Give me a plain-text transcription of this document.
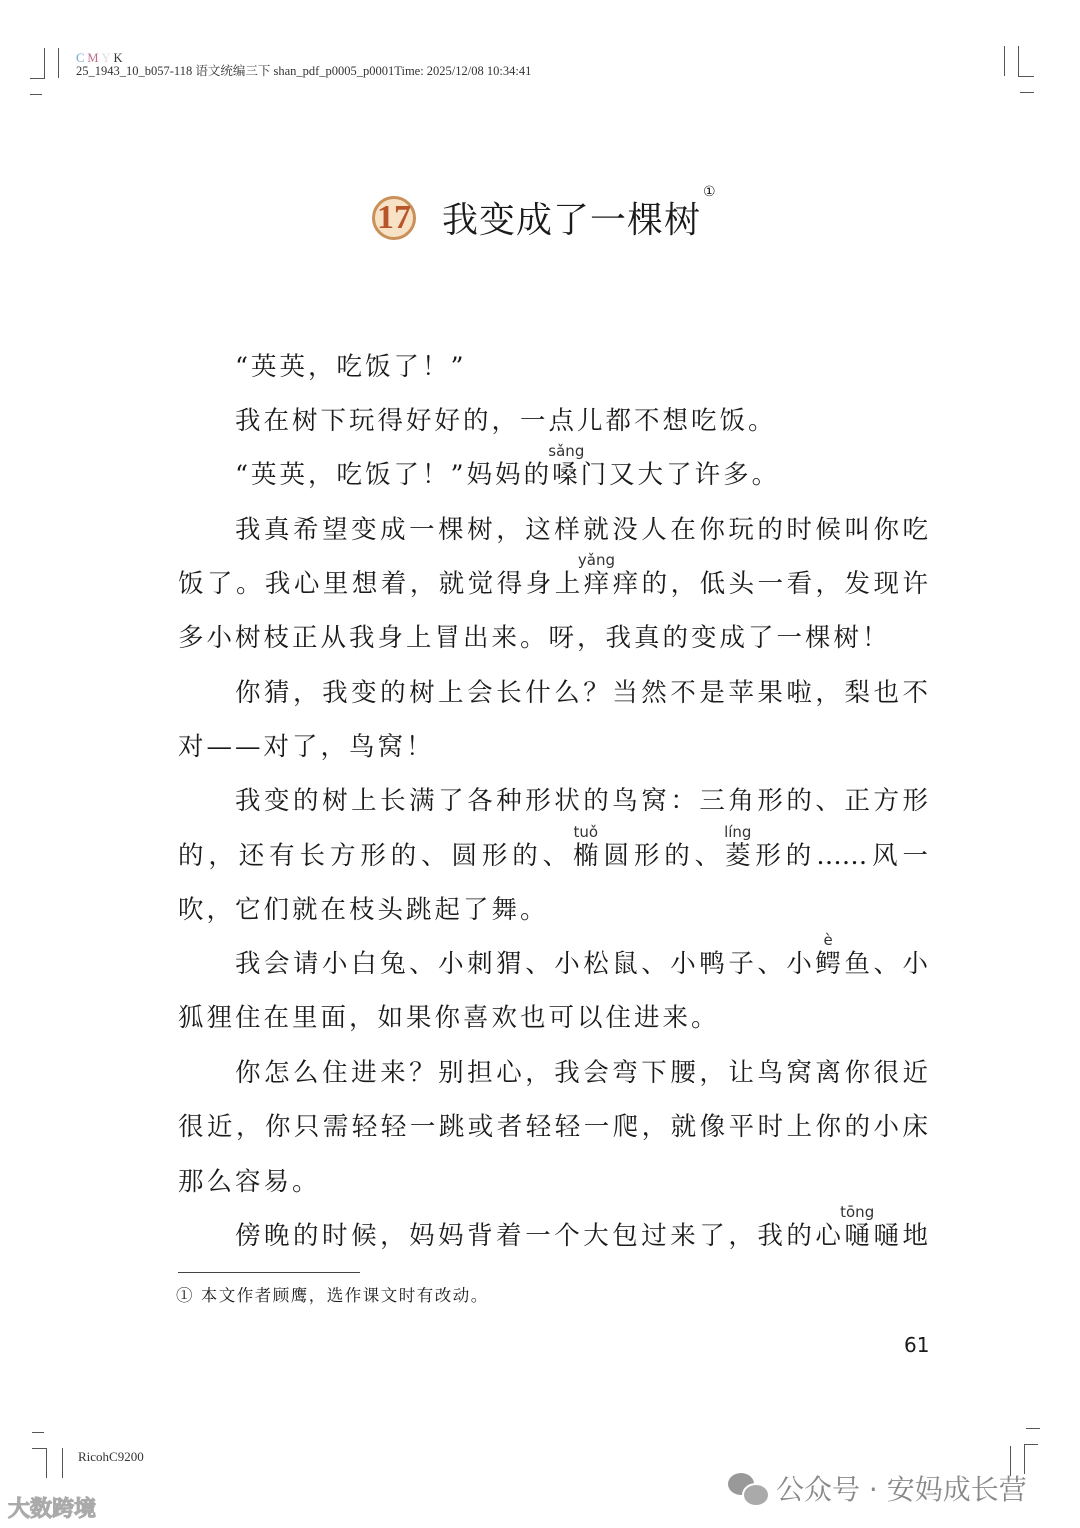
C M Y K
25_1943_10_b057-118 语文统编三下 shan_pdf_p0005_p0001Time: 2025/12/08 10:34:41
17 我变成了一棵树①
“英英，吃饭了！”
我在树下玩得好好的，一点儿都不想吃饭。
“英英，吃饭了！”妈妈的嗓
sǎng
门又大了许多。
我真希望变成一棵树，这样就没人在你玩的时候叫你吃
饭了。我心里想着，就觉得身上痒
yǎng
痒的，低头一看，发现许
多小树枝正从我身上冒出来。呀，我真的变成了一棵树！
你猜，我变的树上会长什么？当然不是苹果啦，梨也不
对——对了，鸟窝！
我变的树上长满了各种形状的鸟窝：三角形的、正方形
的，还有长方形的、圆形的、椭
tuǒ
圆形的、菱
líng
形的……风一
吹，它们就在枝头跳起了舞。
我会请小白兔、小刺猬、小松鼠、小鸭子、小鳄
è
鱼、小
狐狸住在里面，如果你喜欢也可以住进来。
你怎么住进来？别担心，我会弯下腰，让鸟窝离你很近
很近，你只需轻轻一跳或者轻轻一爬，就像平时上你的小床
那么容易。
傍晚的时候，妈妈背着一个大包过来了，我的心嗵
tōng
嗵地
① 本文作者顾鹰，选作课文时有改动。
61
RicohC9200
大数跨境
公众号 · 安妈成长营
